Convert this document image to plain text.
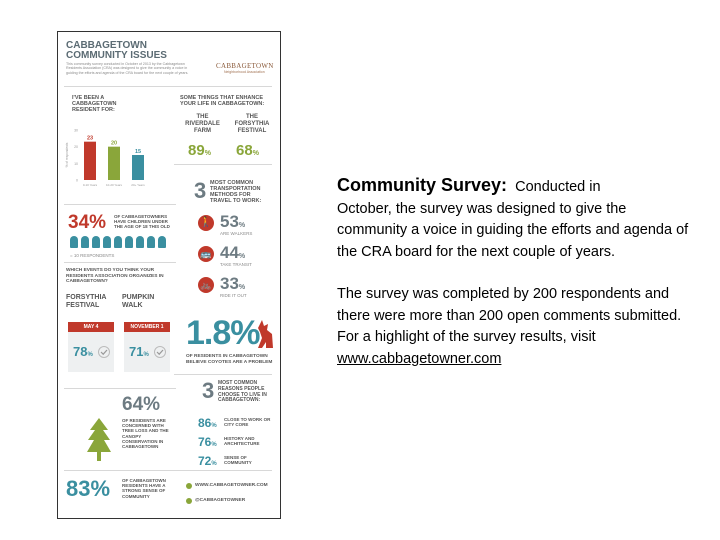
CABBAGETOWN
COMMUNITY ISSUES
This community survey conducted in October of 2013 by the Cabbagetown Residents Association (CRA) was designed to give the community a voice in guiding the efforts and agenda of the CRA board for the next couple of years.
CABBAGETOWN
Neighborhood Association
I'VE BEEN A CABBAGETOWN RESIDENT FOR:
30
20
10
0
% of respondents
23
0-10 Years
20
10-20 Years
15
20+ Years
SOME THINGS THAT ENHANCE YOUR LIFE IN CABBAGETOWN:
THE RIVERDALE FARM
THE FORSYTHIA FESTIVAL
89% 68%
3 MOST COMMON TRANSPORTATION METHODS FOR TRAVEL TO WORK:
🚶 53%
ARE WALKERS
🚌 44%
TAKE TRANSIT
🚲 33%
RIDE IT OUT
34% OF CABBAGETOWNERS HAVE CHILDREN UNDER THE AGE OF 18 THIS OLD
= 10 RESPONDENTS
WHICH EVENTS DO YOU THINK YOUR RESIDENTS ASSOCIATION ORGANIZES IN CABBAGETOWN?
FORSYTHIA FESTIVAL
PUMPKIN WALK
MAY 4	NOVEMBER 1
78%	71%
1.8%
OF RESIDENTS IN CABBAGETOWN BELIEVE COYOTES ARE A PROBLEM
3 MOST COMMON REASONS PEOPLE CHOOSE TO LIVE IN CABBAGETOWN:
86%
CLOSE TO WORK OR CITY CORE
76%
HISTORY AND ARCHITECTURE
72%
SENSE OF COMMUNITY
64%
OF RESIDENTS ARE CONCERNED WITH TREE LOSS AND THE CANOPY CONSERVATION IN CABBAGETOWN
83%	OF CABBAGETOWN RESIDENTS HAVE A STRONG SENSE OF COMMUNITY
WWW.CABBAGETOWNER.COM
@CABBAGETOWNER

Community Survey: Conducted in

October, the survey was designed to give the community a voice in guiding the efforts and agenda of the CRA board for the next couple of years.

The survey was completed by 200 respondents and there were more than 200 open comments submitted. For a highlight of the survey results, visit www.cabbagetowner.com
